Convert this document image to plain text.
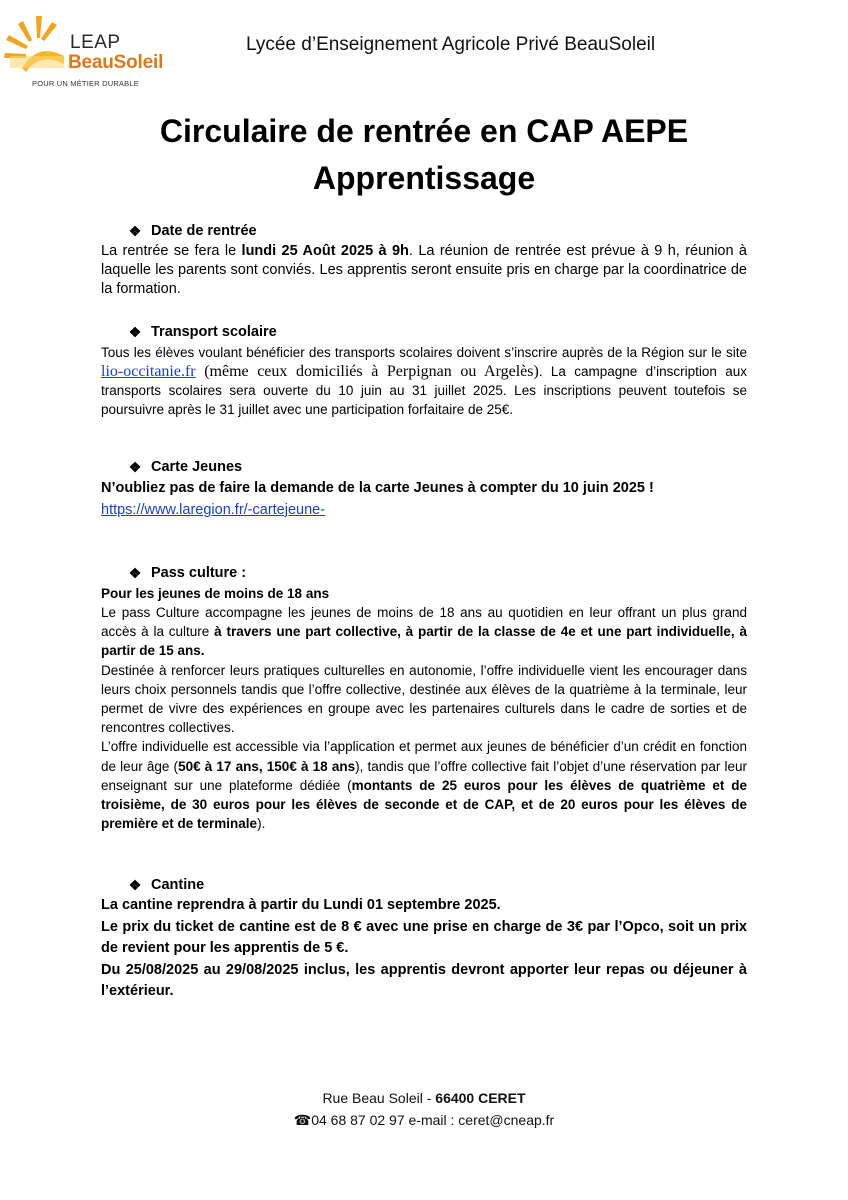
LEAP
BeauSoleil
POUR UN MÉTIER DURABLE
Lycée d’Enseignement Agricole Privé BeauSoleil
Circulaire de rentrée en CAP AEPE
Apprentissage
❖ Date de rentrée

La rentrée se fera le lundi 25 Août 2025 à 9h. La réunion de rentrée est prévue à 9 h, réunion à laquelle les parents sont conviés. Les apprentis seront ensuite pris en charge par la coordinatrice de la formation.

❖ Transport scolaire

Tous les élèves voulant bénéficier des transports scolaires doivent s’inscrire auprès de la Région sur le site lio-occitanie.fr (même ceux domiciliés à Perpignan ou Argelès). La campagne d’inscription aux transports scolaires sera ouverte du 10 juin au 31 juillet 2025. Les inscriptions peuvent toutefois se poursuivre après le 31 juillet avec une participation forfaitaire de 25€.

❖ Carte Jeunes

N’oubliez pas de faire la demande de la carte Jeunes à compter du 10 juin 2025 !

https://www.laregion.fr/-cartejeune-

❖ Pass culture :

Pour les jeunes de moins de 18 ans

Le pass Culture accompagne les jeunes de moins de 18 ans au quotidien en leur offrant un plus grand accès à la culture à travers une part collective, à partir de la classe de 4e et une part individuelle, à partir de 15 ans.

Destinée à renforcer leurs pratiques culturelles en autonomie, l’offre individuelle vient les encourager dans leurs choix personnels tandis que l’offre collective, destinée aux élèves de la quatrième à la terminale, leur permet de vivre des expériences en groupe avec les partenaires culturels dans le cadre de sorties et de rencontres collectives.

L’offre individuelle est accessible via l’application et permet aux jeunes de bénéficier d’un crédit en fonction de leur âge (50€ à 17 ans, 150€ à 18 ans), tandis que l’offre collective fait l’objet d’une réservation par leur enseignant sur une plateforme dédiée (montants de 25 euros pour les élèves de quatrième et de troisième, de 30 euros pour les élèves de seconde et de CAP, et de 20 euros pour les élèves de première et de terminale).

❖ Cantine

La cantine reprendra à partir du Lundi 01 septembre 2025.

Le prix du ticket de cantine est de 8 € avec une prise en charge de 3€ par l’Opco, soit un prix de revient pour les apprentis de 5 €.

Du 25/08/2025 au 29/08/2025 inclus, les apprentis devront apporter leur repas ou déjeuner à l’extérieur.

Rue Beau Soleil - 66400 CERET
☎04 68 87 02 97 e-mail : ceret@cneap.fr
